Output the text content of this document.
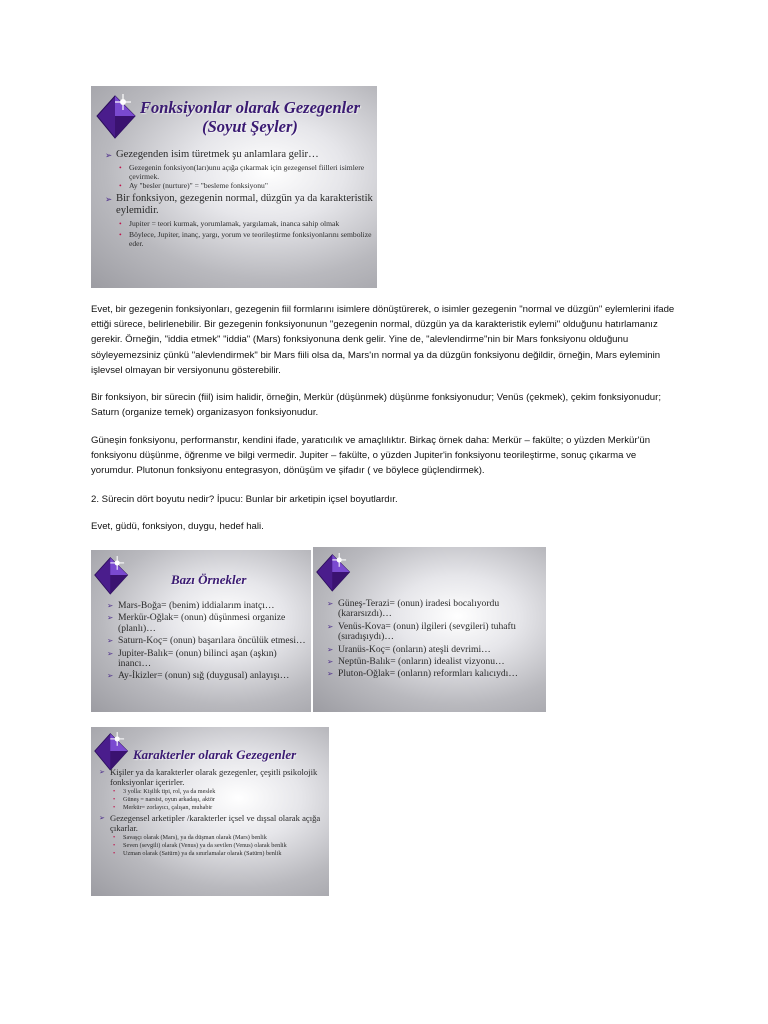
Fonksiyonlar olarak Gezegenler
(Soyut Şeyler)
➢ Gezegenden isim türetmek şu anlamlara gelir…
• Gezegenin fonksiyon(ları)unu açığa çıkarmak için gezegensel fiilleri isimlere çevirmek.
• Ay "besler (nurture)" = "besleme fonksiyonu"
➢ Bir fonksiyon, gezegenin normal, düzgün ya da karakteristik eylemidir.
• Jupiter = teori kurmak, yorumlamak, yargılamak, inanca sahip olmak
• Böylece, Jupiter, inanç, yargı, yorum ve teorileştirme fonksiyonlarını sembolize eder.

Evet, bir gezegenin fonksiyonları, gezegenin fiil formlarını isimlere dönüştürerek, o isimler gezegenin "normal ve düzgün" eylemlerini ifade ettiği sürece, belirlenebilir. Bir gezegenin fonksiyonunun "gezegenin normal, düzgün ya da karakteristik eylemi" olduğunu hatırlamanız gerekir. Örneğin, "iddia etmek" "iddia" (Mars) fonksiyonuna denk gelir. Yine de, "alevlendirme"nin bir Mars fonksiyonu olduğunu söyleyemezsiniz çünkü "alevlendirmek" bir Mars fiili olsa da, Mars'ın normal ya da düzgün fonksiyonu değildir, örneğin, Mars eyleminin işlevsel olmayan bir versiyonunu gösterebilir.

Bir fonksiyon, bir sürecin (fiil) isim halidir, örneğin, Merkür (düşünmek) düşünme fonksiyonudur; Venüs (çekmek), çekim fonksiyonudur; Saturn (organize temek) organizasyon fonksiyonudur.

Güneşin fonksiyonu, performanstır, kendini ifade, yaratıcılık ve amaçlılıktır. Birkaç örnek daha: Merkür – fakülte; o yüzden Merkür'ün fonksiyonu düşünme, öğrenme ve bilgi vermedir. Jupiter – fakülte, o yüzden Jupiter'in fonksiyonu teorileştirme, sonuç çıkarma ve yorumdur. Plutonun fonksiyonu entegrasyon, dönüşüm ve şifadır ( ve böylece güçlendirmek).

2. Sürecin dört boyutu nedir? İpucu: Bunlar bir arketipin içsel boyutlardır.

Evet, güdü, fonksiyon, duygu, hedef hali.

Bazı Örnekler
➢ Mars-Boğa= (benim) iddialarım inatçı…
➢ Merkür-Oğlak= (onun) düşünmesi organize (planlı)…
➢ Saturn-Koç= (onun) başarılara öncülük etmesi…
➢ Jupiter-Balık= (onun) bilinci aşan (aşkın) inancı…
➢ Ay-İkizler= (onun) sığ (duygusal) anlayışı…
➢ Güneş-Terazi= (onun) iradesi bocalıyordu (kararsızdı)…
➢ Venüs-Kova= (onun) ilgileri (sevgileri) tuhaftı (sıradışıydı)…
➢ Uranüs-Koç= (onların) ateşli devrimi…
➢ Neptün-Balık= (onların) idealist vizyonu…
➢ Pluton-Oğlak= (onların) reformları kalıcıydı…
Karakterler olarak Gezegenler
➢ Kişiler ya da karakterler olarak gezegenler, çeşitli psikolojik fonksiyonlar içerirler.
• 3 yolla: Kişilik tipi, rol, ya da meslek
• Güneş = narsist, oyun arkadaşı, aktör
• Merkür= zorlayıcı, çalışan, muhabir
➢ Gezegensel arketipler /karakterler içsel ve dışsal olarak açığa çıkarlar.
• Savaşçı olarak (Mars), ya da düşman olarak (Mars) benlik
• Seven (sevgili) olarak (Venus) ya da sevilen (Venus) olarak benlik
• Uzman olarak (Satürn) ya da sınırlamalar olarak (Satürn) benlik
